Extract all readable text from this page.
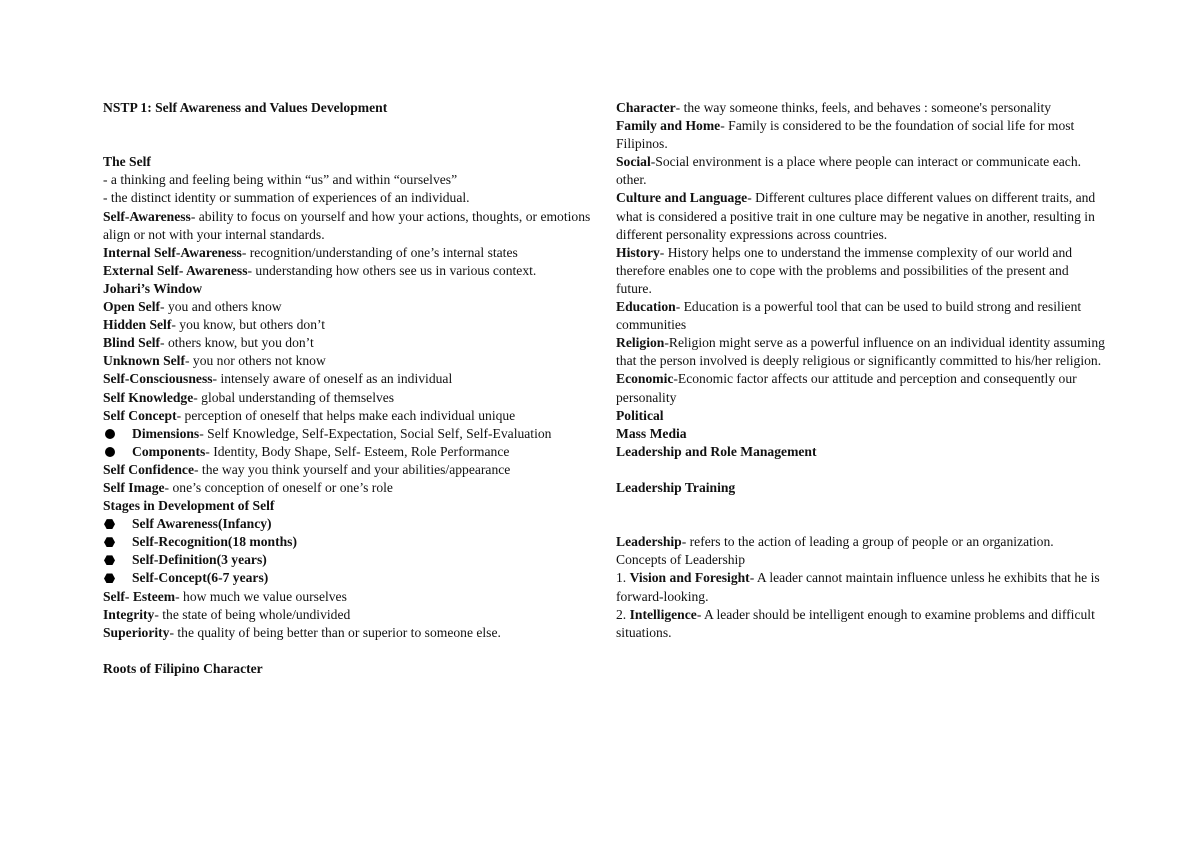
NSTP 1: Self Awareness and Values Development
The Self
- a thinking and feeling being within “us” and within “ourselves”
- the distinct identity or summation of experiences of an individual.
Self-Awareness- ability to focus on yourself and how your actions, thoughts, or emotions align or not with your internal standards.
Internal Self-Awareness- recognition/understanding of one’s internal states
External Self- Awareness- understanding how others see us in various context.
Johari’s Window
Open Self- you and others know
Hidden Self- you know, but others don’t
Blind Self- others know, but you don’t
Unknown Self- you nor others not know
Self-Consciousness- intensely aware of oneself as an individual
Self Knowledge- global understanding of themselves
Self Concept- perception of oneself that helps make each individual unique
Dimensions- Self Knowledge, Self-Expectation, Social Self, Self-Evaluation
Components- Identity, Body Shape, Self- Esteem, Role Performance
Self Confidence- the way you think yourself and your abilities/appearance
Self Image- one’s conception of oneself or one’s role
Stages in Development of Self
Self Awareness(Infancy)
Self-Recognition(18 months)
Self-Definition(3 years)
Self-Concept(6-7 years)
Self- Esteem- how much we value ourselves
Integrity- the state of being whole/undivided
Superiority- the quality of being better than or superior to someone else.
Roots of Filipino Character
Character- the way someone thinks, feels, and behaves : someone's personality
Family and Home- Family is considered to be the foundation of social life for most Filipinos.
Social-Social environment is a place where people can interact or communicate each. other.
Culture and Language- Different cultures place different values on different traits, and what is considered a positive trait in one culture may be negative in another, resulting in different personality expressions across countries.
History- History helps one to understand the immense complexity of our world and therefore enables one to cope with the problems and possibilities of the present and future.
Education- Education is a powerful tool that can be used to build strong and resilient communities
Religion-Religion might serve as a powerful influence on an individual identity assuming that the person involved is deeply religious or significantly committed to his/her religion.
Economic-Economic factor affects our attitude and perception and consequently our personality
Political
Mass Media
Leadership and Role Management
Leadership Training
Leadership- refers to the action of leading a group of people or an organization.
Concepts of Leadership
1. Vision and Foresight- A leader cannot maintain influence unless he exhibits that he is forward-looking.
2. Intelligence- A leader should be intelligent enough to examine problems and difficult situations.
